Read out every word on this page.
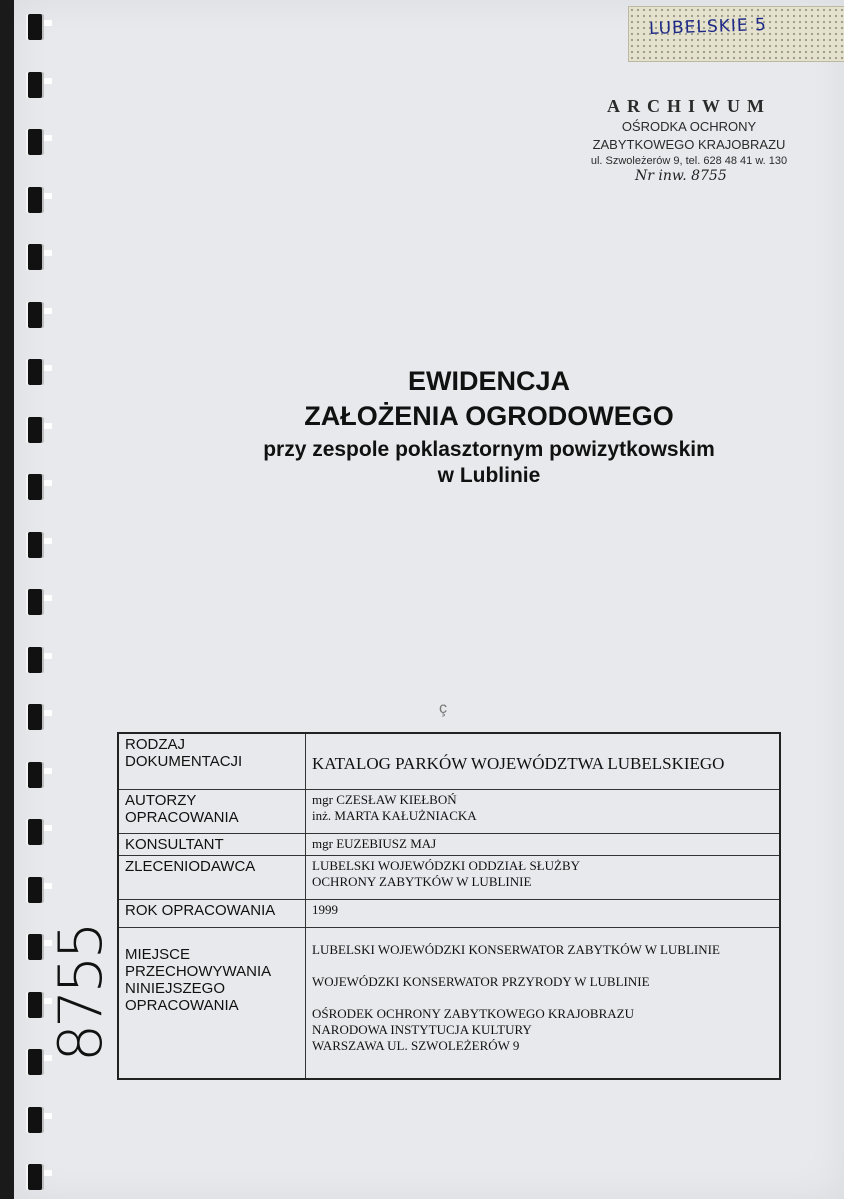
LUBELSKIE 5
ARCHIWUM
OŚRODKA OCHRONY
ZABYTKOWEGO KRAJOBRAZU
ul. Szwoleżerów 9, tel. 628 48 41 w. 130
Nr inw. 8755
EWIDENCJA
ZAŁOŻENIA OGRODOWEGO
przy zespole poklasztornym powizytkowskim
w Lublinie
ç
RODZAJ DOKUMENTACJI	KATALOG PARKÓW WOJEWÓDZTWA LUBELSKIEGO

AUTORZY OPRACOWANIA	mgr CZESŁAW KIEŁBOŃ
inż. MARTA KAŁUŻNIACKA

KONSULTANT	mgr EUZEBIUSZ MAJ

ZLECENIODAWCA	LUBELSKI WOJEWÓDZKI ODDZIAŁ SŁUŻBY OCHRONY ZABYTKÓW W LUBLINIE

ROK OPRACOWANIA	1999

MIEJSCE PRZECHOWYWANIA NINIEJSZEGO OPRACOWANIA	LUBELSKI WOJEWÓDZKI KONSERWATOR ZABYTKÓW W LUBLINIE
WOJEWÓDZKI KONSERWATOR PRZYRODY W LUBLINIE
OŚRODEK OCHRONY ZABYTKOWEGO KRAJOBRAZU
NARODOWA INSTYTUCJA KULTURY
WARSZAWA UL. SZWOLEŻERÓW 9
8755
